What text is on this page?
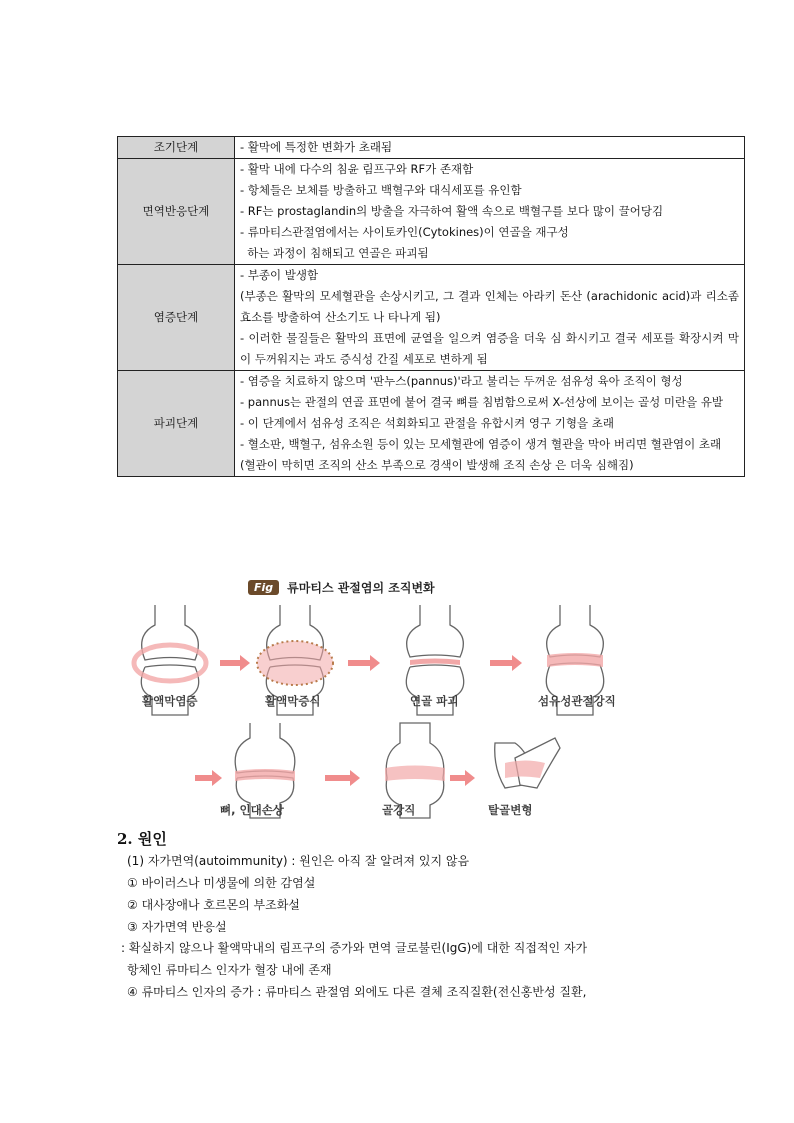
조기단계	- 활막에 특정한 변화가 초래됨

면역반응단계	- 활막 내에 다수의 침윤 림프구와 RF가 존재함
- 항체들은 보체를 방출하고 백혈구와 대식세포를 유인함
- RF는 prostaglandin의 방출을 자극하여 활액 속으로 백혈구를 보다 많이 끌어당김
- 류마티스관절염에서는 사이토카인(Cytokines)이 연골을 재구성
하는 과정이 침해되고 연골은 파괴됨

염증단계	- 부종이 발생함
(부종은 활막의 모세혈관을 손상시키고, 그 결과 인체는 아라키 돈산 (arachidonic acid)과 리소좀 효소를 방출하여 산소기도 나 타나게 됨)
- 이러한 물질들은 활막의 표면에 균열을 일으켜 염증을 더욱 심 화시키고 결국 세포를 확장시켜 막이 두꺼워지는 과도 증식성 간질 세포로 변하게 됨

파괴단계	- 염증을 치료하지 않으며 '판누스(pannus)'라고 불리는 두꺼운 섬유성 육아 조직이 형성
- pannus는 관절의 연골 표면에 붙어 결국 뼈를 침범함으로써 X-선상에 보이는 골성 미란을 유발
- 이 단계에서 섬유성 조직은 석회화되고 관절을 유합시켜 영구 기형을 초래
- 혈소판, 백혈구, 섬유소원 등이 있는 모세혈관에 염증이 생겨 혈관을 막아 버리면 혈관염이 초래
(혈관이 막히면 조직의 산소 부족으로 경색이 발생해 조직 손상 은 더욱 심해짐)
Fig	류마티스 관절염의 조직변화
활액막염증	활액막증식	연골 파괴	섬유성관절강직
뼈, 인대손상	골강직	탈골변형
2. 원인
(1) 자가면역(autoimmunity) : 원인은 아직 잘 알려져 있지 않음
① 바이러스나 미생물에 의한 감염설
② 대사장애나 호르몬의 부조화설
③ 자가면역 반응설
: 확실하지 않으나 활액막내의 림프구의 증가와 면역 글로불린(IgG)에 대한 직접적인 자가
항체인 류마티스 인자가 혈장 내에 존재
④ 류마티스 인자의 증가 : 류마티스 관절염 외에도 다른 결체 조직질환(전신홍반성 질환,
